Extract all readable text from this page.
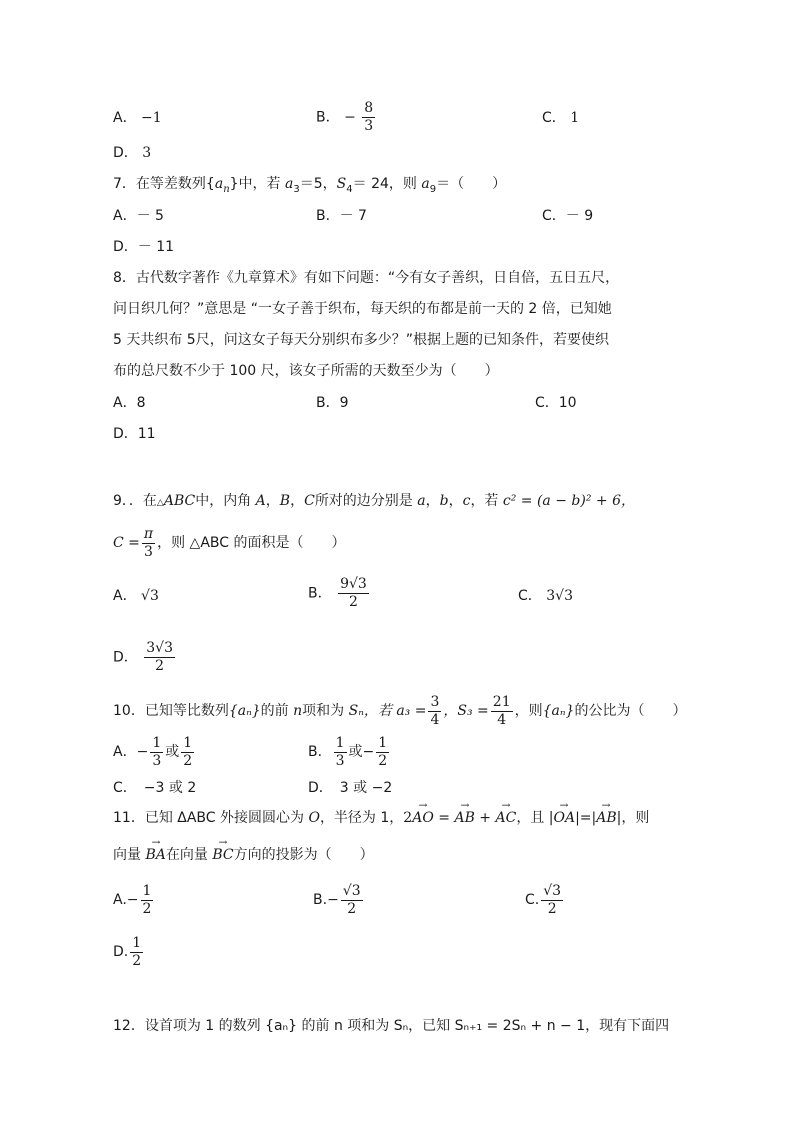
A． −1	B． − $\frac{8}{3}$	C． 1
D． 3
7．在等差数列$\{a_n\}$中，若 $a_3=5$，$S_4= 24$，则 $a_9=$（　　）
A．－ 5	B．－ 7	C．－ 9
D．－ 11
8．古代数字著作《九章算术》有如下问题：“今有女子善织，日自倍，五日五尺，
问日织几何？”意思是 “一女子善于织布，每天织的布都是前一天的 2 倍，已知她
5 天共织布 5尺，问这女子每天分别织布多少？”根据上题的已知条件，若要使织
布的总尺数不少于 100 尺，该女子所需的天数至少为（　　）
A．8	B．9	C．10
D．11
9．．在△ABC中，内角 A，B，C所对的边分别是 a，b，c，若 c² = (a − b)² + 6，
$C = \frac{\pi}{3}$ ，则 △ABC 的面积是（　　）
A． √3	B． $\frac{9√3}{2}$	C． 3√3
D． $\frac{3√3}{2}$
10．已知等比数列{aₙ}的前 n项和为 Sₙ，若 $a_3 = \frac{3}{4}$ ，$S_3 = \frac{21}{4}$ ，则{aₙ}的公比为（　　）
A．− $\frac{1}{3}$ 或 $\frac{1}{2}$	B． $\frac{1}{3}$ 或− $\frac{1}{2}$
C．　−3 或 2	D．　3 或 −2
11．已知 ΔABC 外接圆圆心为 O，半径为 1，2→ AO = → AB + → AC，且 |→ OA|=|→ AB|，则
向量 → BA在向量 → BC方向的投影为（　　）
$A.- \frac{1}{2}$	$B.- \frac{√3}{2}$	C. $\frac{√3}{2}$
D. $\frac{1}{2}$
12．设首项为 1 的数列 {aₙ} 的前 n 项和为 Sₙ，已知 Sₙ₊₁ = 2Sₙ + n − 1，现有下面四
